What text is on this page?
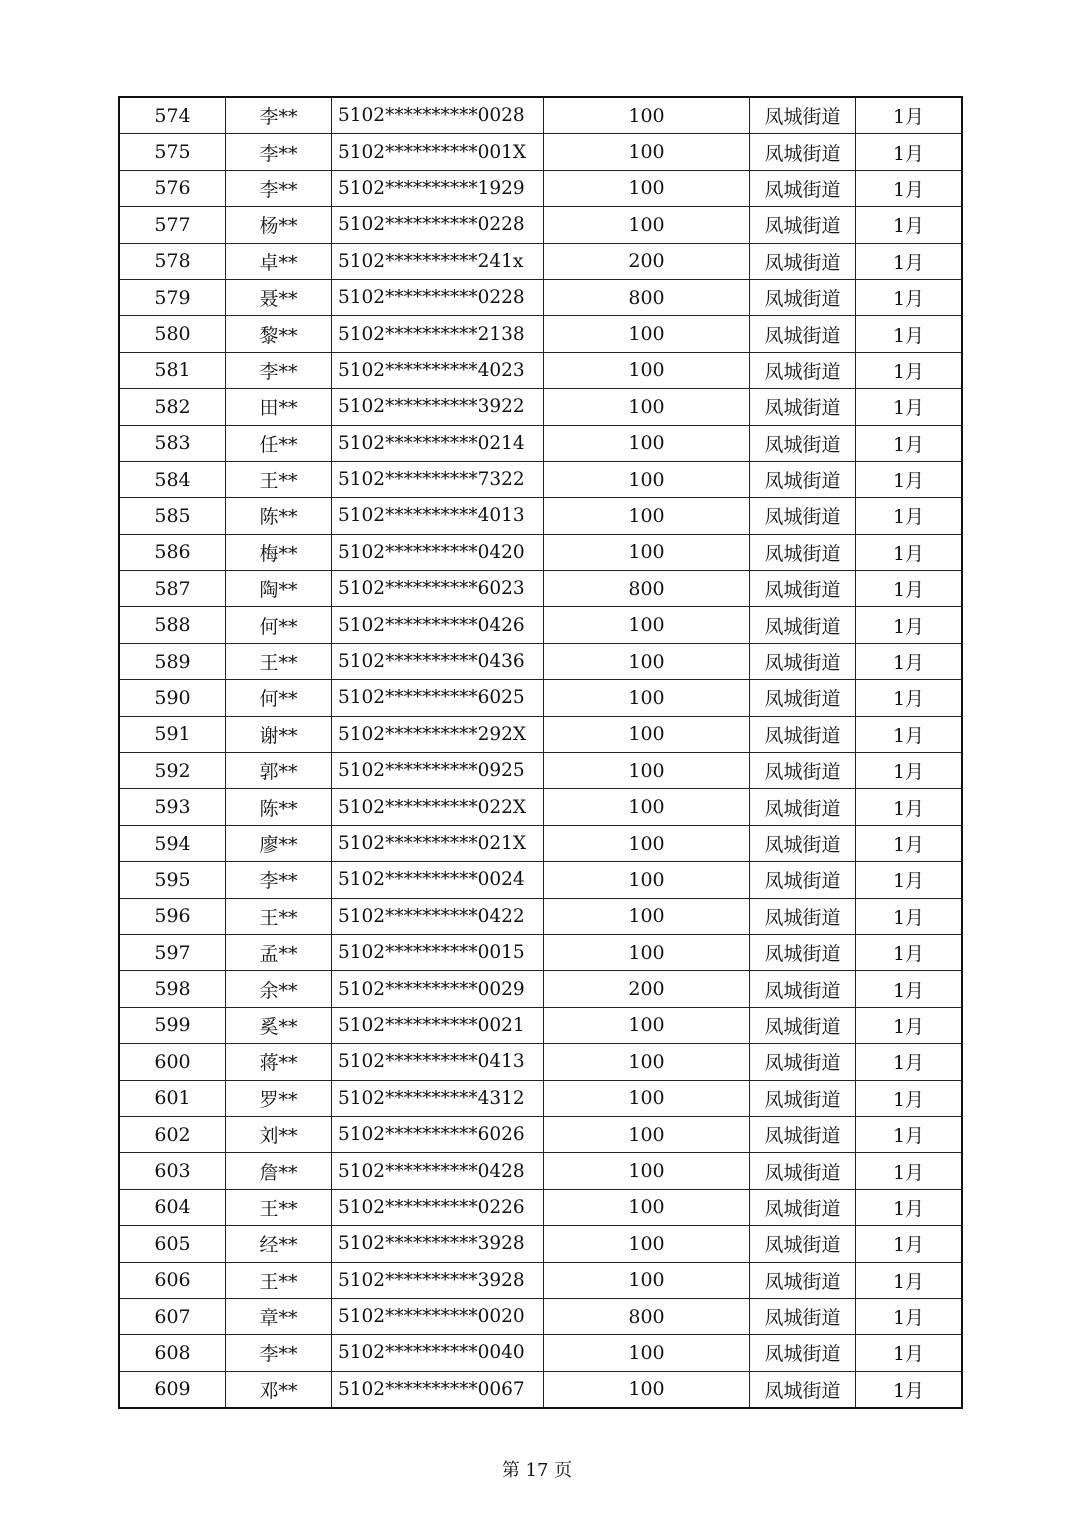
574	李**	5102**********0028	100	凤城街道	1月
575	李**	5102**********001X	100	凤城街道	1月
576	李**	5102**********1929	100	凤城街道	1月
577	杨**	5102**********0228	100	凤城街道	1月
578	卓**	5102**********241x	200	凤城街道	1月
579	聂**	5102**********0228	800	凤城街道	1月
580	黎**	5102**********2138	100	凤城街道	1月
581	李**	5102**********4023	100	凤城街道	1月
582	田**	5102**********3922	100	凤城街道	1月
583	任**	5102**********0214	100	凤城街道	1月
584	王**	5102**********7322	100	凤城街道	1月
585	陈**	5102**********4013	100	凤城街道	1月
586	梅**	5102**********0420	100	凤城街道	1月
587	陶**	5102**********6023	800	凤城街道	1月
588	何**	5102**********0426	100	凤城街道	1月
589	王**	5102**********0436	100	凤城街道	1月
590	何**	5102**********6025	100	凤城街道	1月
591	谢**	5102**********292X	100	凤城街道	1月
592	郭**	5102**********0925	100	凤城街道	1月
593	陈**	5102**********022X	100	凤城街道	1月
594	廖**	5102**********021X	100	凤城街道	1月
595	李**	5102**********0024	100	凤城街道	1月
596	王**	5102**********0422	100	凤城街道	1月
597	孟**	5102**********0015	100	凤城街道	1月
598	余**	5102**********0029	200	凤城街道	1月
599	奚**	5102**********0021	100	凤城街道	1月
600	蒋**	5102**********0413	100	凤城街道	1月
601	罗**	5102**********4312	100	凤城街道	1月
602	刘**	5102**********6026	100	凤城街道	1月
603	詹**	5102**********0428	100	凤城街道	1月
604	王**	5102**********0226	100	凤城街道	1月
605	经**	5102**********3928	100	凤城街道	1月
606	王**	5102**********3928	100	凤城街道	1月
607	章**	5102**********0020	800	凤城街道	1月
608	李**	5102**********0040	100	凤城街道	1月
609	邓**	5102**********0067	100	凤城街道	1月
第 17 页
